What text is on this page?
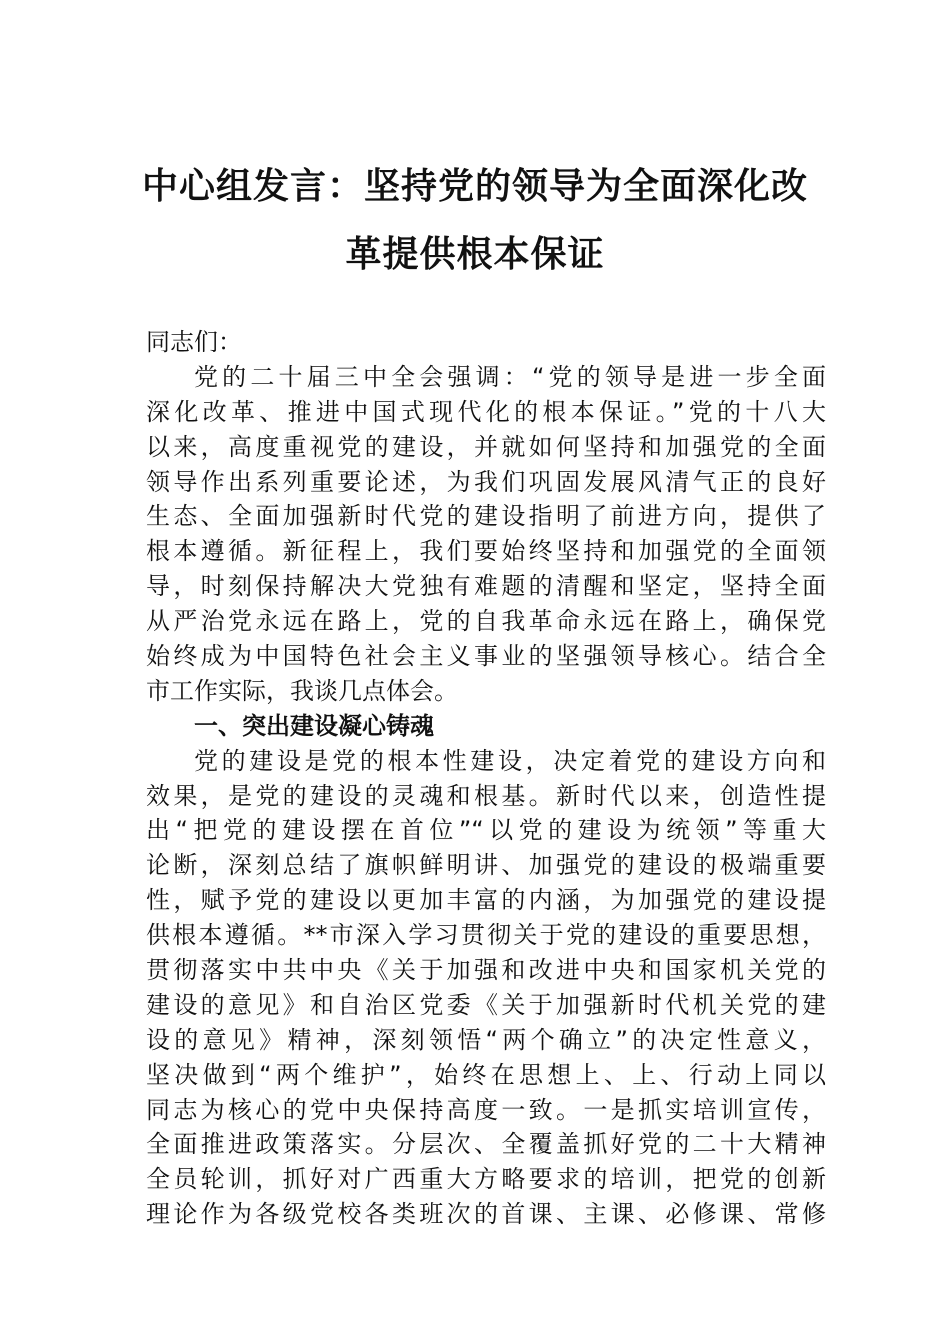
中心组发言：坚持党的领导为全面深化改
革提供根本保证
同志们：
党的二十届三中全会强调：“党的领导是进一步全面
深化改革、推进中国式现代化的根本保证。”党的十八大
以来，高度重视党的建设，并就如何坚持和加强党的全面
领导作出系列重要论述，为我们巩固发展风清气正的良好
生态、全面加强新时代党的建设指明了前进方向，提供了
根本遵循。新征程上，我们要始终坚持和加强党的全面领
导，时刻保持解决大党独有难题的清醒和坚定，坚持全面
从严治党永远在路上，党的自我革命永远在路上，确保党
始终成为中国特色社会主义事业的坚强领导核心。结合全
市工作实际，我谈几点体会。
一、突出建设凝心铸魂
党的建设是党的根本性建设，决定着党的建设方向和
效果，是党的建设的灵魂和根基。新时代以来，创造性提
出“把党的建设摆在首位”“以党的建设为统领”等重大
论断，深刻总结了旗帜鲜明讲、加强党的建设的极端重要
性，赋予党的建设以更加丰富的内涵，为加强党的建设提
供根本遵循。**市深入学习贯彻关于党的建设的重要思想，
贯彻落实中共中央《关于加强和改进中央和国家机关党的
建设的意见》和自治区党委《关于加强新时代机关党的建
设的意见》精神，深刻领悟“两个确立”的决定性意义，
坚决做到“两个维护”，始终在思想上、上、行动上同以
同志为核心的党中央保持高度一致。一是抓实培训宣传，
全面推进政策落实。分层次、全覆盖抓好党的二十大精神
全员轮训，抓好对广西重大方略要求的培训，把党的创新
理论作为各级党校各类班次的首课、主课、必修课、常修
